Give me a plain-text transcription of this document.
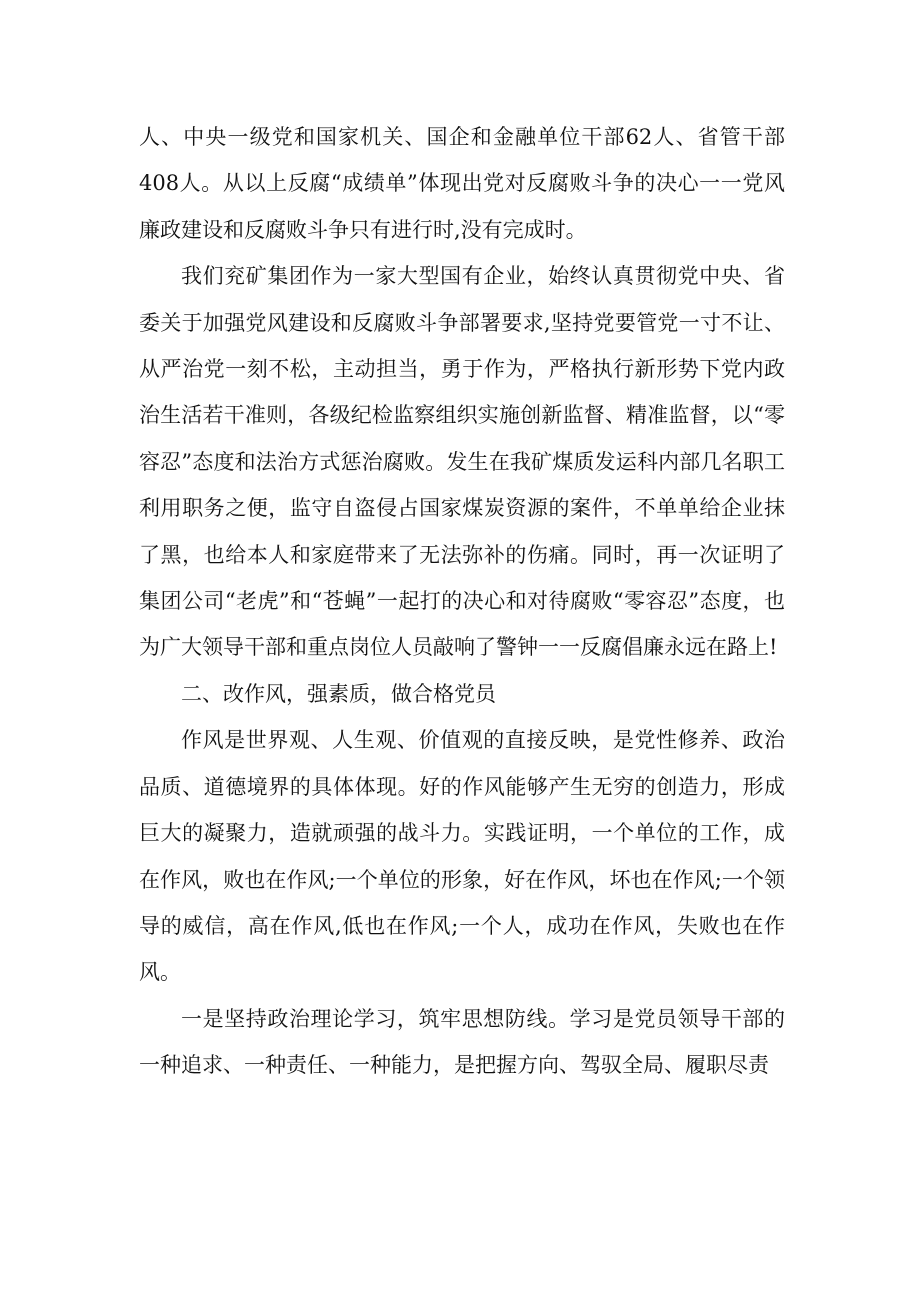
人、中央一级党和国家机关、国企和金融单位干部62人、省管干部408人。从以上反腐“成绩单”体现出党对反腐败斗争的决心一一党风廉政建设和反腐败斗争只有进行时,没有完成时。

我们兖矿集团作为一家大型国有企业，始终认真贯彻党中央、省委关于加强党风建设和反腐败斗争部署要求,坚持党要管党一寸不让、从严治党一刻不松，主动担当，勇于作为，严格执行新形势下党内政治生活若干准则，各级纪检监察组织实施创新监督、精准监督，以“零容忍”态度和法治方式惩治腐败。发生在我矿煤质发运科内部几名职工利用职务之便，监守自盗侵占国家煤炭资源的案件，不单单给企业抹了黑，也给本人和家庭带来了无法弥补的伤痛。同时，再一次证明了集团公司“老虎”和“苍蝇”一起打的决心和对待腐败“零容忍”态度，也为广大领导干部和重点岗位人员敲响了警钟一一反腐倡廉永远在路上!

二、改作风，强素质，做合格党员

作风是世界观、人生观、价值观的直接反映，是党性修养、政治品质、道德境界的具体体现。好的作风能够产生无穷的创造力，形成巨大的凝聚力，造就顽强的战斗力。实践证明，一个单位的工作，成在作风，败也在作风;一个单位的形象，好在作风，坏也在作风;一个领导的威信，高在作风,低也在作风;一个人，成功在作风，失败也在作风。

一是坚持政治理论学习，筑牢思想防线。学习是党员领导干部的一种追求、一种责任、一种能力，是把握方向、驾驭全局、履职尽责
